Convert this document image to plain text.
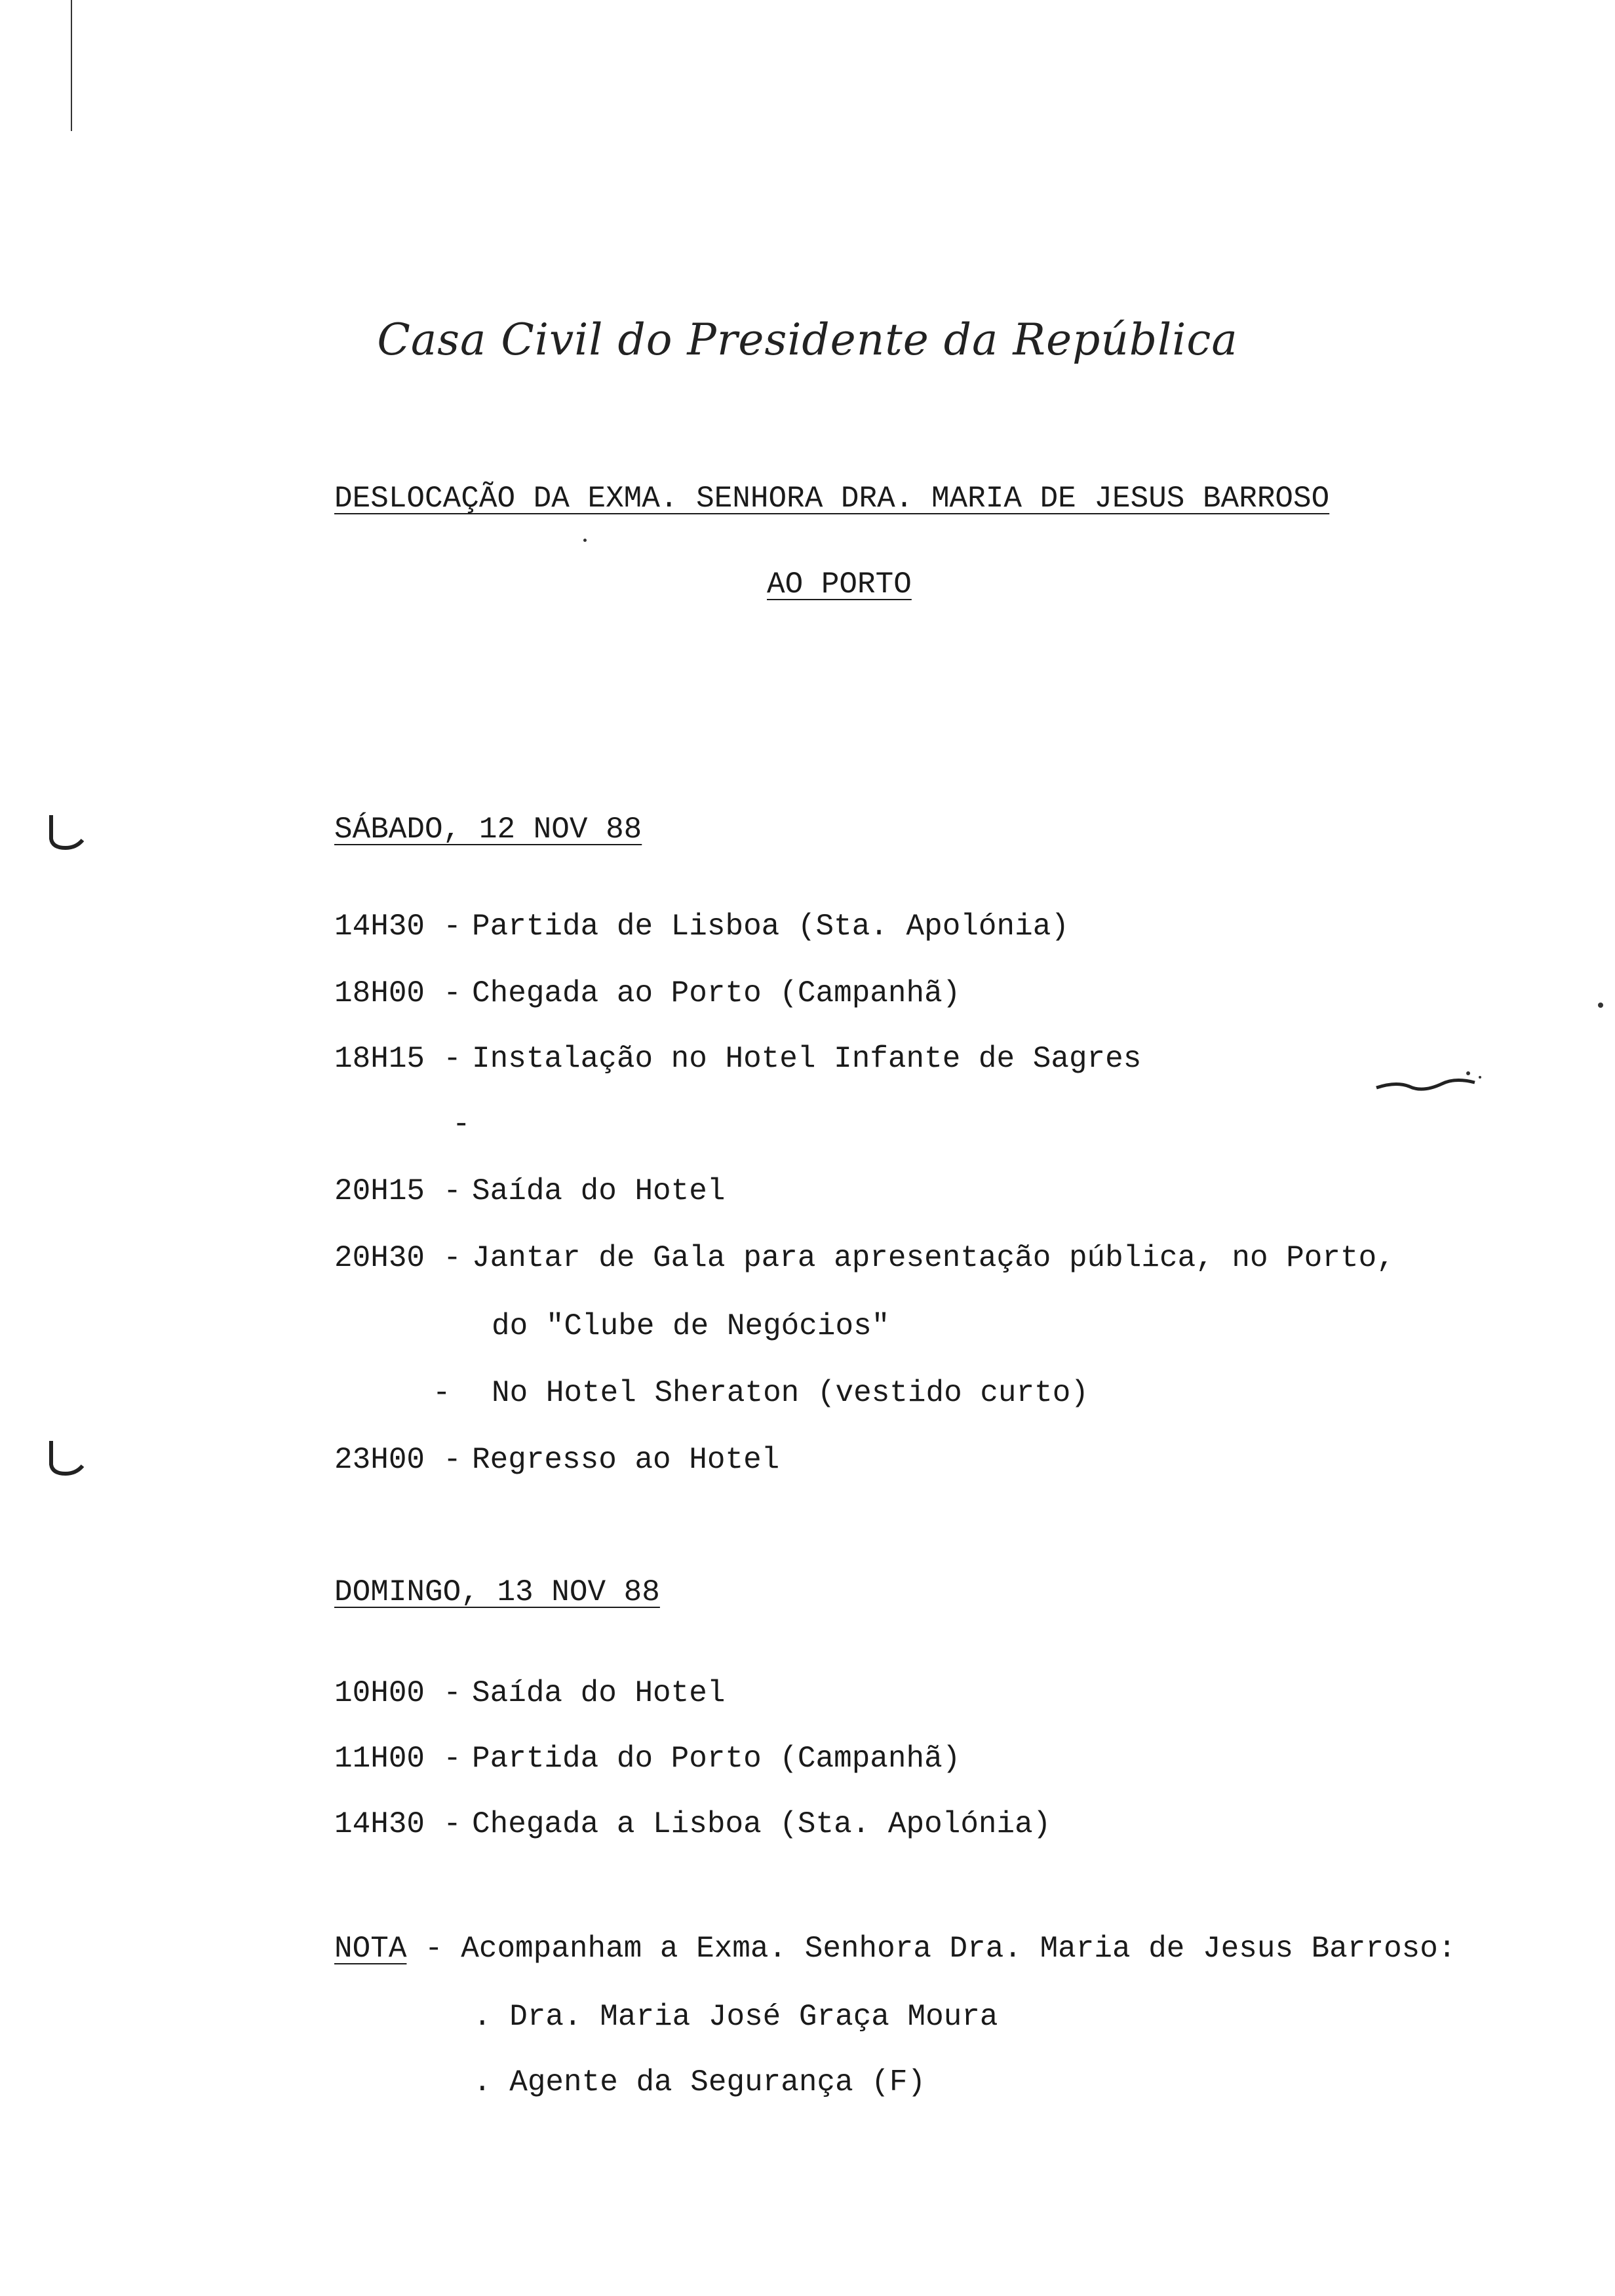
Casa Civil do Presidente da República
DESLOCAÇÃO DA EXMA. SENHORA DRA. MARIA DE JESUS BARROSO
AO PORTO
SÁBADO, 12 NOV 88
14H30 - Partida de Lisboa (Sta. Apolónia)
18H00 - Chegada ao Porto (Campanhã)
18H15 - Instalação no Hotel Infante de Sagres
-
20H15 - Saída do Hotel
20H30 - Jantar de Gala para apresentação pública, no Porto,
do "Clube de Negócios"
- No Hotel Sheraton (vestido curto)
23H00 - Regresso ao Hotel
DOMINGO, 13 NOV 88
10H00 - Saída do Hotel
11H00 - Partida do Porto (Campanhã)
14H30 - Chegada a Lisboa (Sta. Apolónia)
NOTA - Acompanham a Exma. Senhora Dra. Maria de Jesus Barroso:
. Dra. Maria José Graça Moura
. Agente da Segurança (F)
